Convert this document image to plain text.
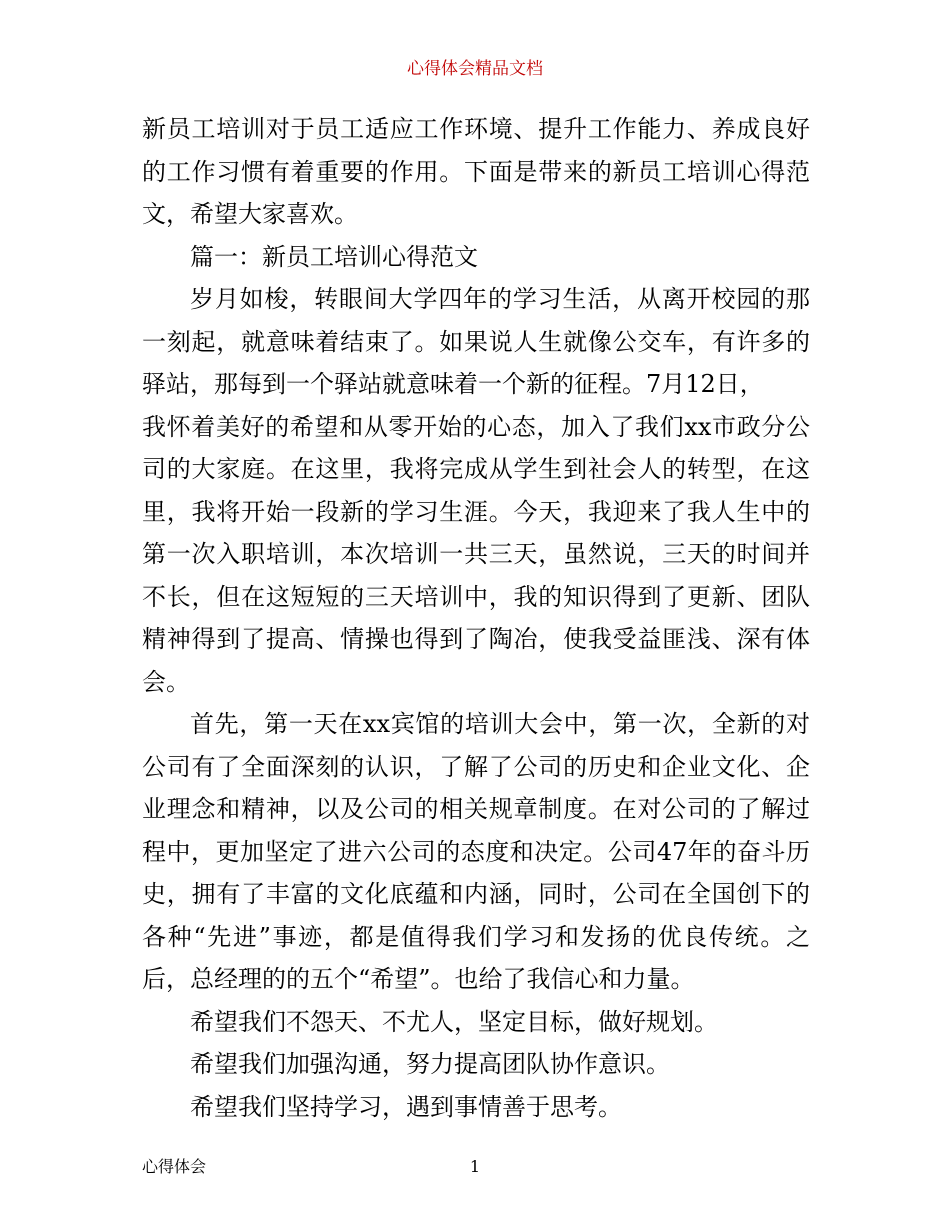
心得体会精品文档

新员工培训对于员工适应工作环境、提升工作能力、养成良好的工作习惯有着重要的作用。下面是带来的新员工培训心得范文，希望大家喜欢。

篇一：新员工培训心得范文

岁月如梭，转眼间大学四年的学习生活，从离开校园的那一刻起，就意味着结束了。如果说人生就像公交车，有许多的驿站，那每到一个驿站就意味着一个新的征程。7月12日，

我怀着美好的希望和从零开始的心态，加入了我们xx市政分公司的大家庭。在这里，我将完成从学生到社会人的转型，在这里，我将开始一段新的学习生涯。今天，我迎来了我人生中的第一次入职培训，本次培训一共三天，虽然说，三天的时间并不长，但在这短短的三天培训中，我的知识得到了更新、团队精神得到了提高、情操也得到了陶冶，使我受益匪浅、深有体会。

首先，第一天在xx宾馆的培训大会中，第一次，全新的对公司有了全面深刻的认识，了解了公司的历史和企业文化、企业理念和精神，以及公司的相关规章制度。在对公司的了解过程中，更加坚定了进六公司的态度和决定。公司47年的奋斗历史，拥有了丰富的文化底蕴和内涵，同时，公司在全国创下的各种“先进”事迹，都是值得我们学习和发扬的优良传统。之后，总经理的的五个“希望”。也给了我信心和力量。

希望我们不怨天、不尤人，坚定目标，做好规划。

希望我们加强沟通，努力提高团队协作意识。

希望我们坚持学习，遇到事情善于思考。

心得体会	1
